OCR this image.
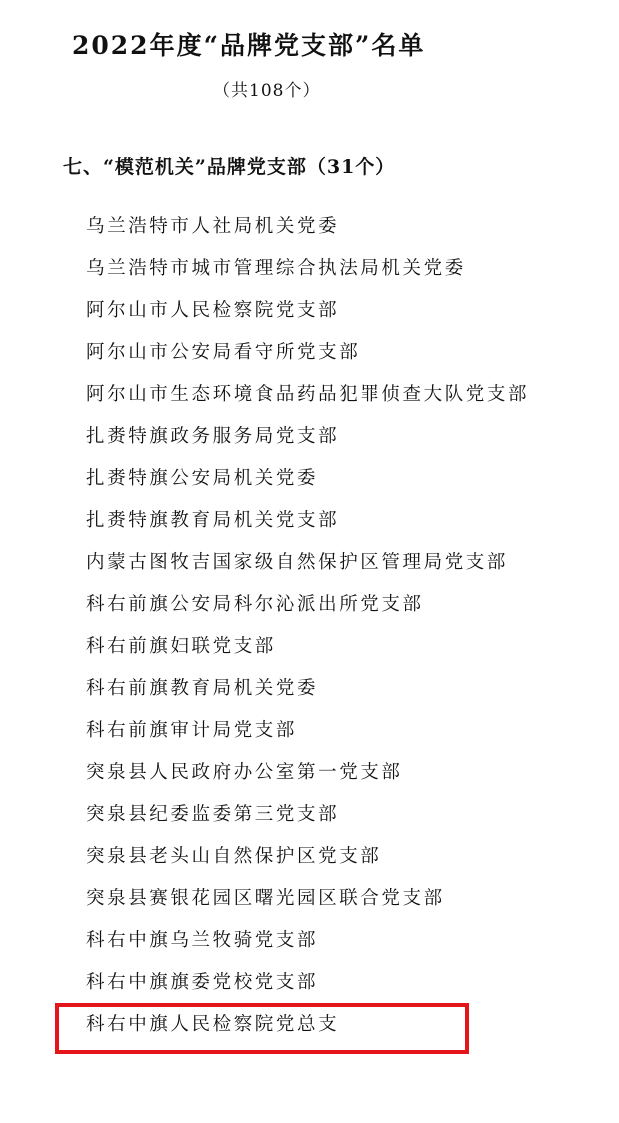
2022年度“品牌党支部”名单
（共108个）
七、“模范机关”品牌党支部（31个）
乌兰浩特市人社局机关党委
乌兰浩特市城市管理综合执法局机关党委
阿尔山市人民检察院党支部
阿尔山市公安局看守所党支部
阿尔山市生态环境食品药品犯罪侦查大队党支部
扎赉特旗政务服务局党支部
扎赉特旗公安局机关党委
扎赉特旗教育局机关党支部
内蒙古图牧吉国家级自然保护区管理局党支部
科右前旗公安局科尔沁派出所党支部
科右前旗妇联党支部
科右前旗教育局机关党委
科右前旗审计局党支部
突泉县人民政府办公室第一党支部
突泉县纪委监委第三党支部
突泉县老头山自然保护区党支部
突泉县赛银花园区曙光园区联合党支部
科右中旗乌兰牧骑党支部
科右中旗旗委党校党支部
科右中旗人民检察院党总支
